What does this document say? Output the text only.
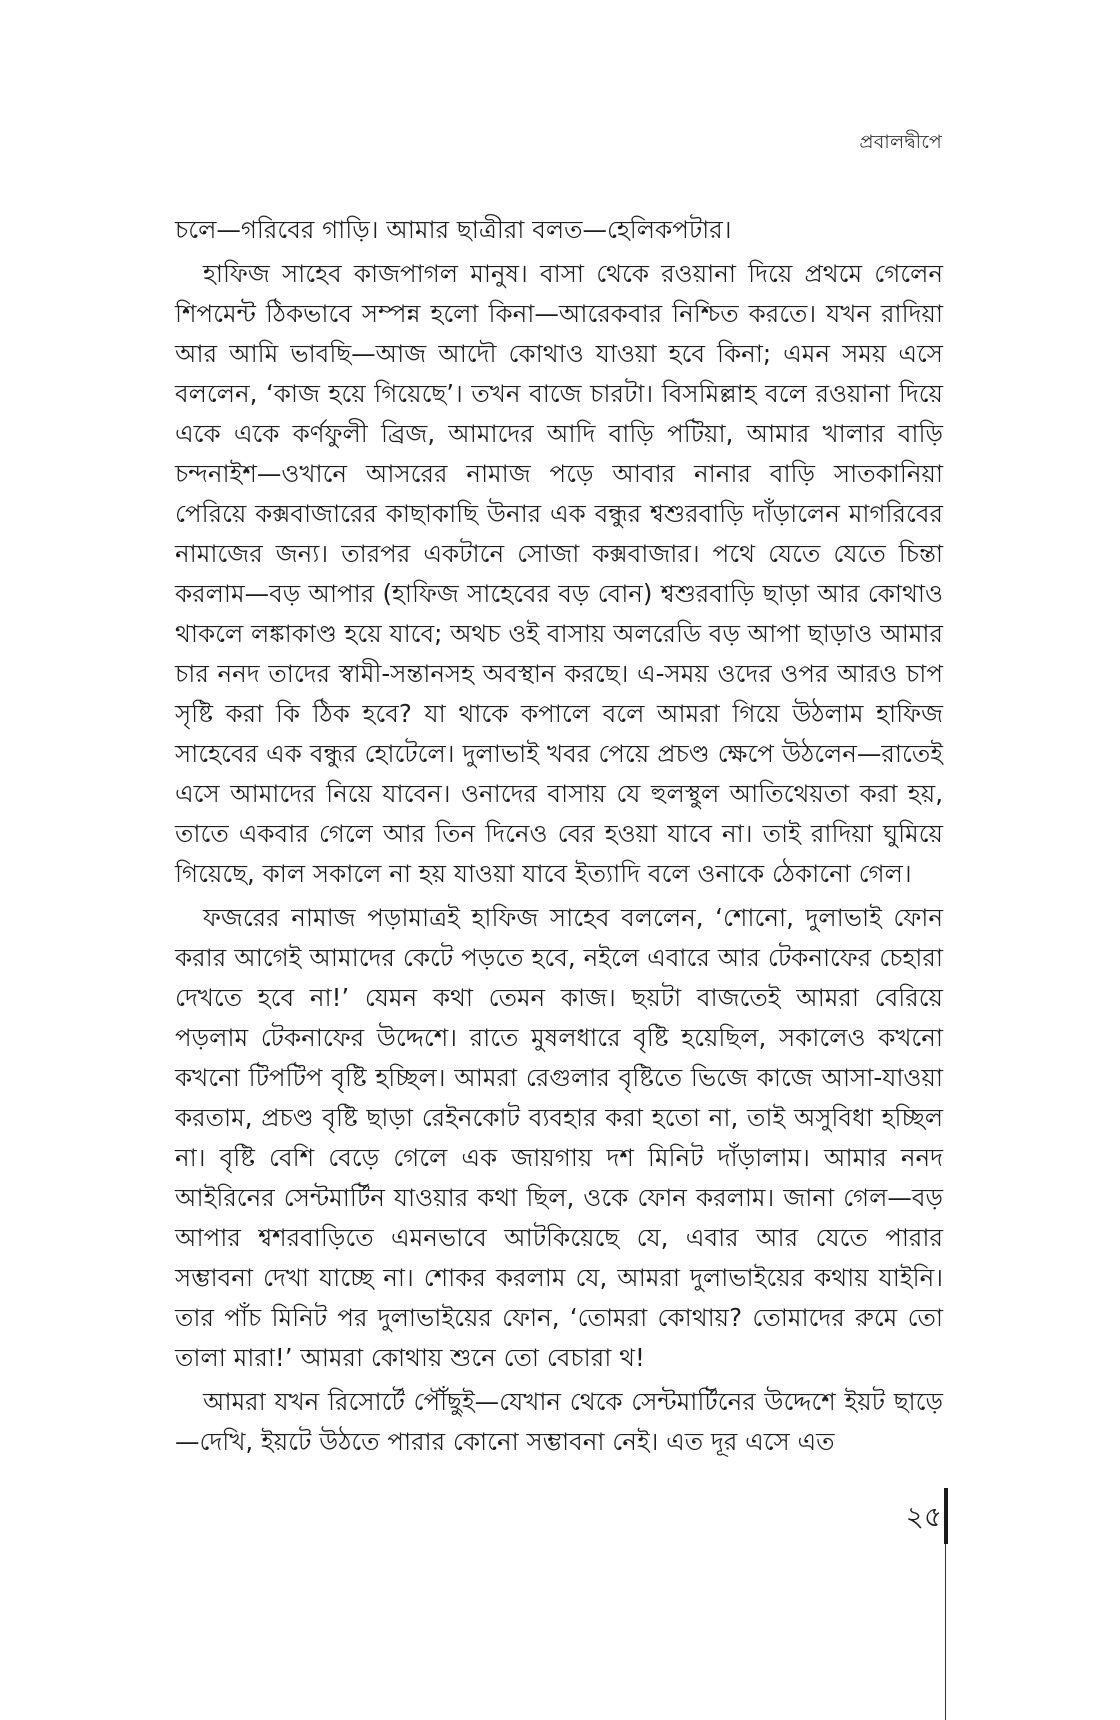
প্রবালদ্বীপে

চলে—গরিবের গাড়ি। আমার ছাত্রীরা বলত—হেলিকপটার।

হাফিজ সাহেব কাজপাগল মানুষ। বাসা থেকে রওয়ানা দিয়ে প্রথমে গেলেন শিপমেন্ট ঠিকভাবে সম্পন্ন হলো কিনা—আরেকবার নিশ্চিত করতে। যখন রাদিয়া আর আমি ভাবছি—আজ আদৌ কোথাও যাওয়া হবে কিনা; এমন সময় এসে বললেন, ‘কাজ হয়ে গিয়েছে’। তখন বাজে চারটা। বিসমিল্লাহ বলে রওয়ানা দিয়ে একে একে কর্ণফুলী ব্রিজ, আমাদের আদি বাড়ি পটিয়া, আমার খালার বাড়ি চন্দনাইশ—ওখানে আসরের নামাজ পড়ে আবার নানার বাড়ি সাতকানিয়া পেরিয়ে কক্সবাজারের কাছাকাছি উনার এক বন্ধুর শ্বশুরবাড়ি দাঁড়ালেন মাগরিবের নামাজের জন্য। তারপর একটানে সোজা কক্সবাজার। পথে যেতে যেতে চিন্তা করলাম—বড় আপার (হাফিজ সাহেবের বড় বোন) শ্বশুরবাড়ি ছাড়া আর কোথাও থাকলে লঙ্কাকাণ্ড হয়ে যাবে; অথচ ওই বাসায় অলরেডি বড় আপা ছাড়াও আমার চার ননদ তাদের স্বামী-সন্তানসহ অবস্থান করছে। এ-সময় ওদের ওপর আরও চাপ সৃষ্টি করা কি ঠিক হবে? যা থাকে কপালে বলে আমরা গিয়ে উঠলাম হাফিজ সাহেবের এক বন্ধুর হোটেলে। দুলাভাই খবর পেয়ে প্রচণ্ড ক্ষেপে উঠলেন—রাতেই এসে আমাদের নিয়ে যাবেন। ওনাদের বাসায় যে হুলস্থুল আতিথেয়তা করা হয়, তাতে একবার গেলে আর তিন দিনেও বের হওয়া যাবে না। তাই রাদিয়া ঘুমিয়ে গিয়েছে, কাল সকালে না হয় যাওয়া যাবে ইত্যাদি বলে ওনাকে ঠেকানো গেল।

ফজরের নামাজ পড়ামাত্রই হাফিজ সাহেব বললেন, ‘শোনো, দুলাভাই ফোন করার আগেই আমাদের কেটে পড়তে হবে, নইলে এবারে আর টেকনাফের চেহারা দেখতে হবে না!’ যেমন কথা তেমন কাজ। ছয়টা বাজতেই আমরা বেরিয়ে পড়লাম টেকনাফের উদ্দেশে। রাতে মুষলধারে বৃষ্টি হয়েছিল, সকালেও কখনো কখনো টিপটিপ বৃষ্টি হচ্ছিল। আমরা রেগুলার বৃষ্টিতে ভিজে কাজে আসা-যাওয়া করতাম, প্রচণ্ড বৃষ্টি ছাড়া রেইনকোট ব্যবহার করা হতো না, তাই অসুবিধা হচ্ছিল না। বৃষ্টি বেশি বেড়ে গেলে এক জায়গায় দশ মিনিট দাঁড়ালাম। আমার ননদ আইরিনের সেন্টমার্টিন যাওয়ার কথা ছিল, ওকে ফোন করলাম। জানা গেল—বড় আপার শ্বশরবাড়িতে এমনভাবে আটকিয়েছে যে, এবার আর যেতে পারার সম্ভাবনা দেখা যাচ্ছে না। শোকর করলাম যে, আমরা দুলাভাইয়ের কথায় যাইনি। তার পাঁচ মিনিট পর দুলাভাইয়ের ফোন, ‘তোমরা কোথায়? তোমাদের রুমে তো তালা মারা!’ আমরা কোথায় শুনে তো বেচারা থ!

আমরা যখন রিসোর্টে পৌঁছুই—যেখান থেকে সেন্টমার্টিনের উদ্দেশে ইয়ট ছাড়ে—দেখি, ইয়টে উঠতে পারার কোনো সম্ভাবনা নেই। এত দূর এসে এত

২৫
